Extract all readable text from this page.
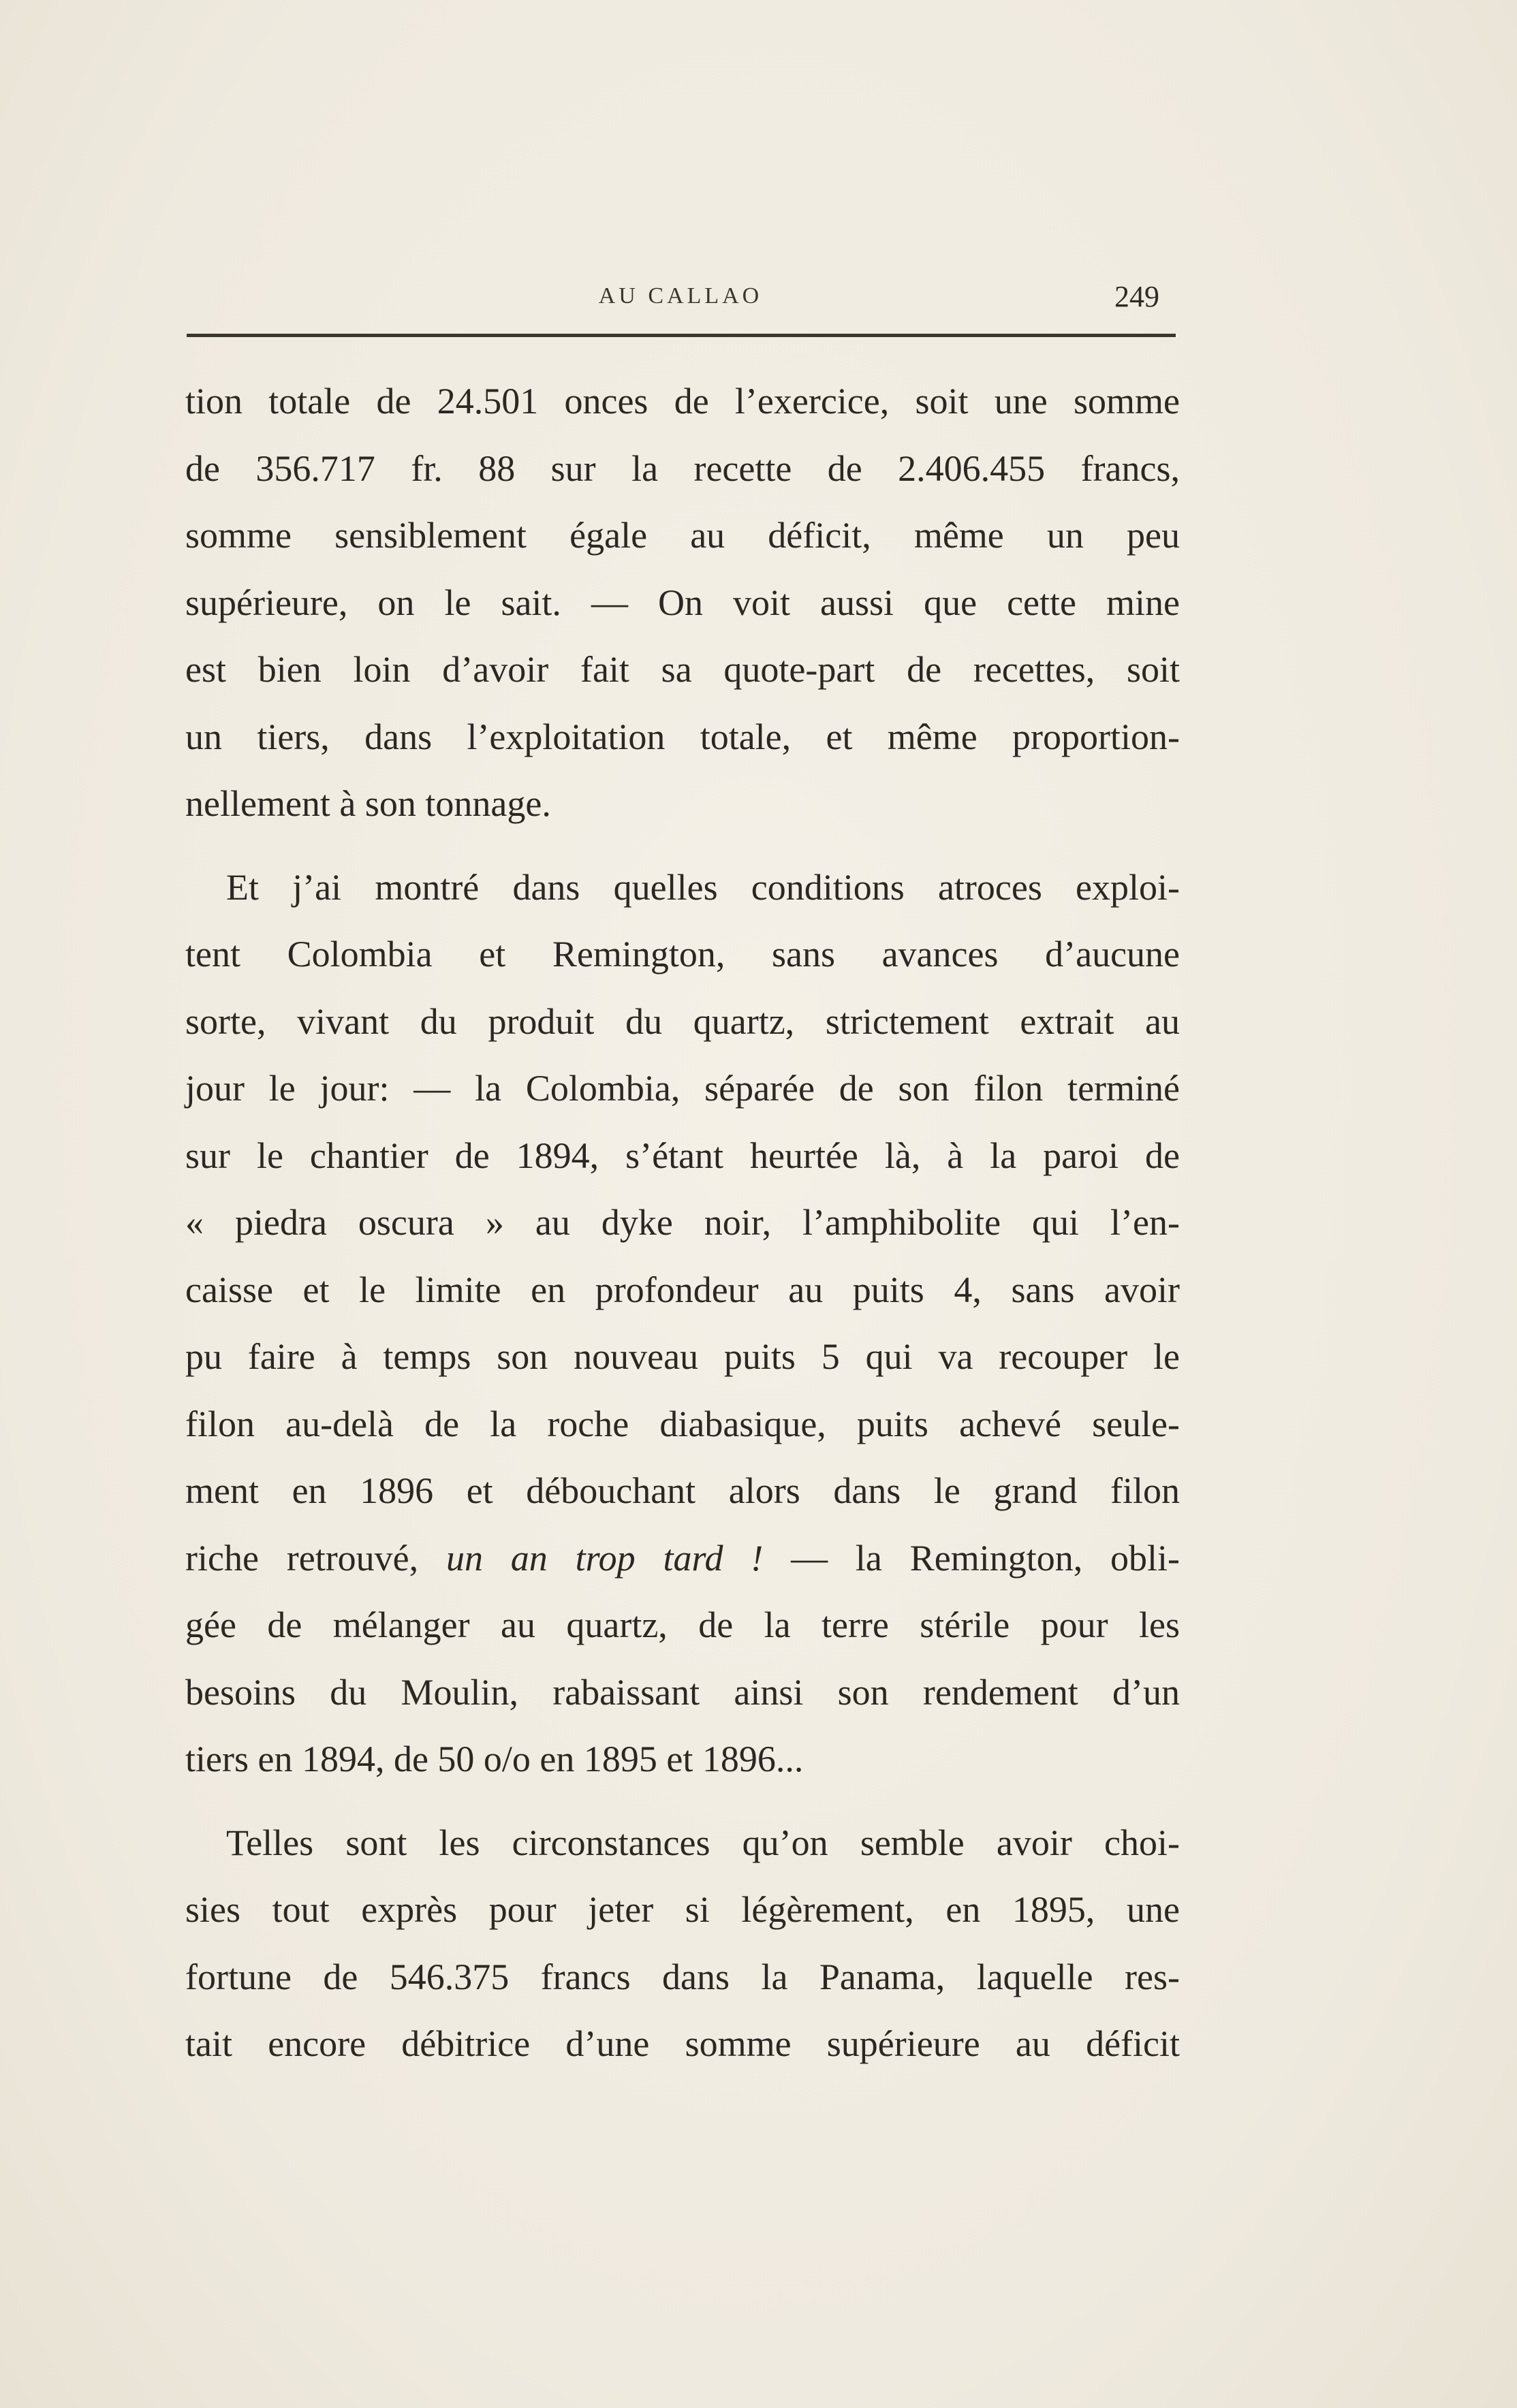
AU CALLAO	249

tion totale de 24.501 onces de l’exercice, soit une somme
de 356.717 fr. 88 sur la recette de 2.406.455 francs,
somme sensiblement égale au déficit, même un peu
supérieure, on le sait. — On voit aussi que cette mine
est bien loin d’avoir fait sa quote-part de recettes, soit
un tiers, dans l’exploitation totale, et même proportion-
nellement à son tonnage.

Et j’ai montré dans quelles conditions atroces exploi-
tent Colombia et Remington, sans avances d’aucune
sorte, vivant du produit du quartz, strictement extrait au
jour le jour: — la Colombia, séparée de son filon terminé
sur le chantier de 1894, s’étant heurtée là, à la paroi de
« piedra oscura » au dyke noir, l’amphibolite qui l’en-
caisse et le limite en profondeur au puits 4, sans avoir
pu faire à temps son nouveau puits 5 qui va recouper le
filon au-delà de la roche diabasique, puits achevé seule-
ment en 1896 et débouchant alors dans le grand filon
riche retrouvé, un an trop tard ! — la Remington, obli-
gée de mélanger au quartz, de la terre stérile pour les
besoins du Moulin, rabaissant ainsi son rendement d’un
tiers en 1894, de 50 o/o en 1895 et 1896...

Telles sont les circonstances qu’on semble avoir choi-
sies tout exprès pour jeter si légèrement, en 1895, une
fortune de 546.375 francs dans la Panama, laquelle res-
tait encore débitrice d’une somme supérieure au déficit
